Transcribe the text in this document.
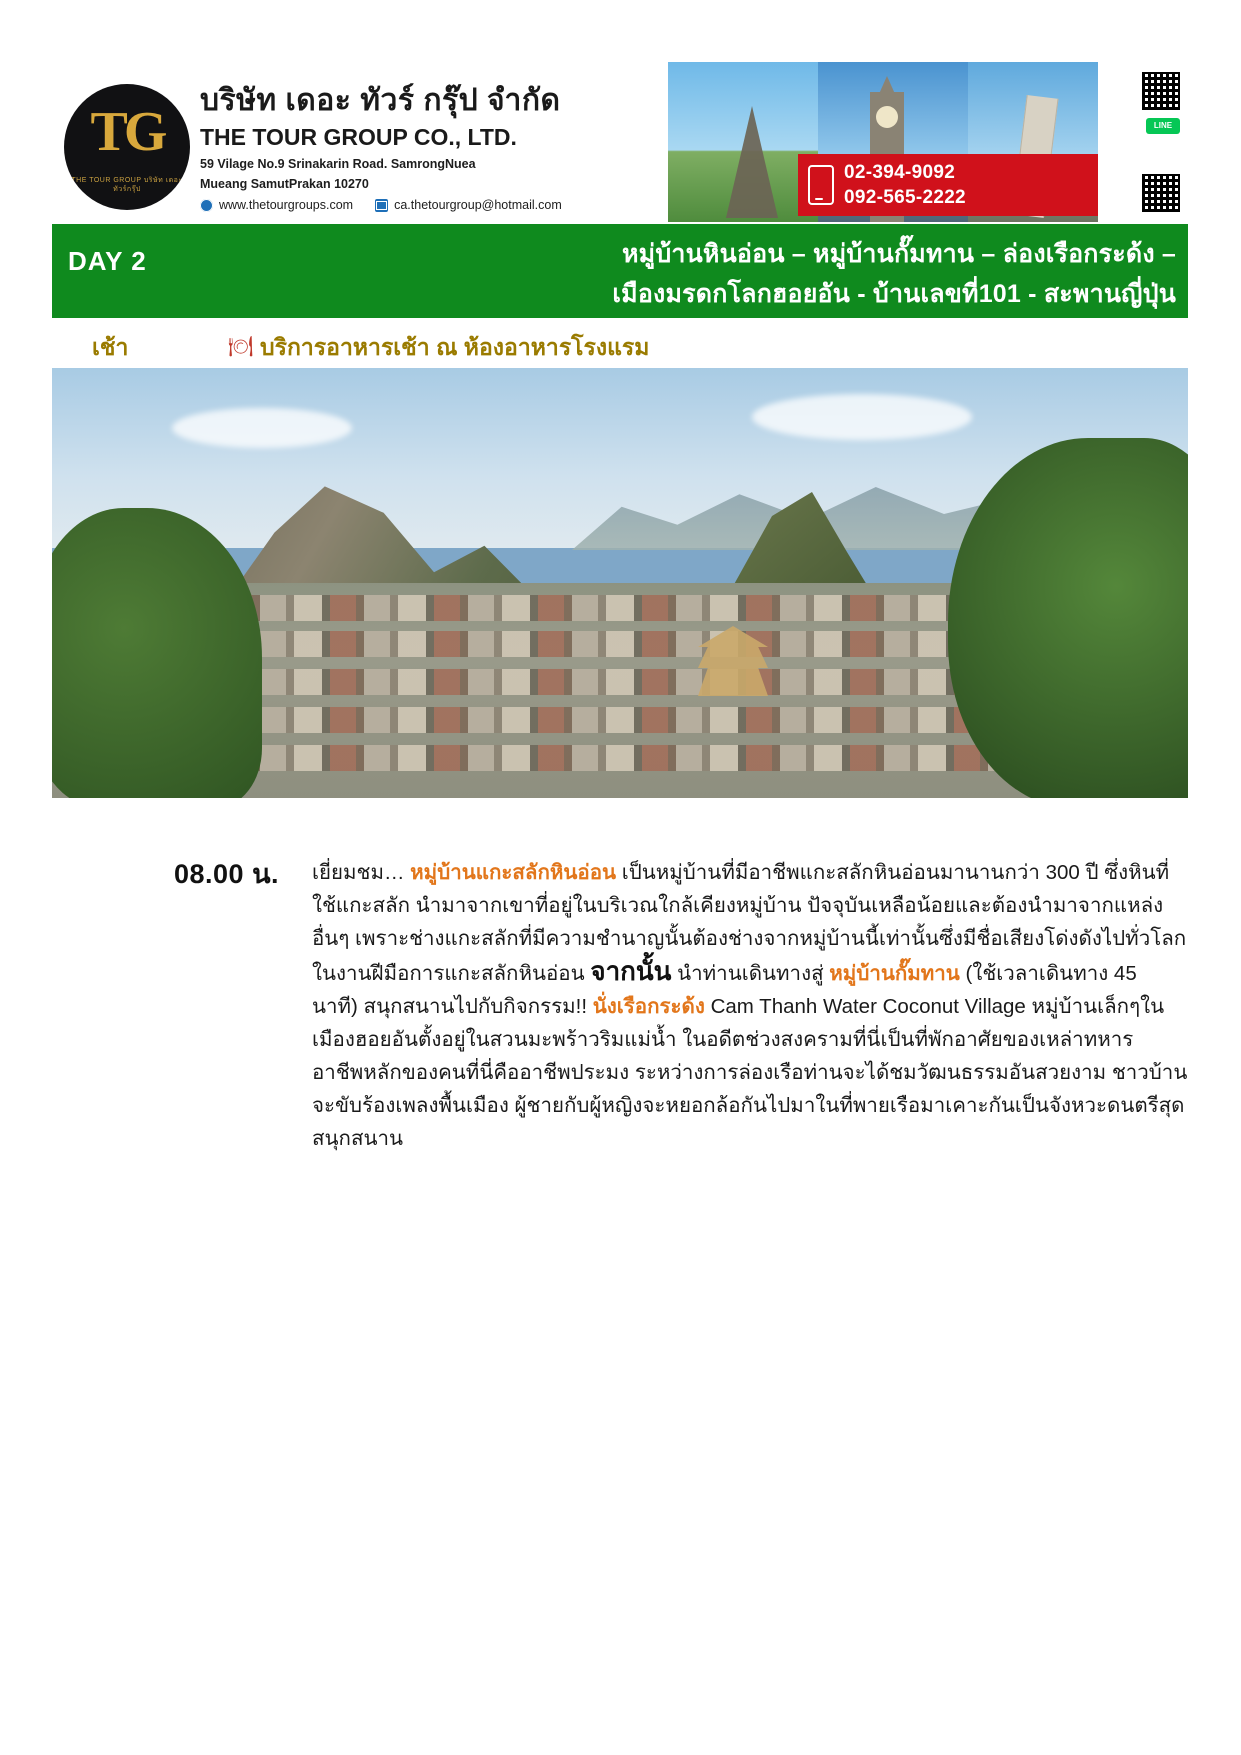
TG
THE TOUR GROUP บริษัท เดอะ ทัวร์กรุ๊ป
บริษัท เดอะ ทัวร์ กรุ๊ป จำกัด
THE TOUR GROUP CO., LTD.
59 Vilage No.9 Srinakarin Road. SamrongNuea
Mueang SamutPrakan 10270
www.thetourgroups.com	ca.thetourgroup@hotmail.com
LINE
02-394-9092
092-565-2222
DAY 2	หมู่บ้านหินอ่อน – หมู่บ้านกั๊มทาน – ล่องเรือกระด้ง –
เมืองมรดกโลกฮอยอัน - บ้านเลขที่101 - สะพานญี่ปุ่น
เช้า	🍽 บริการอาหารเช้า ณ ห้องอาหารโรงแรม
08.00 น. เยี่ยมชม… หมู่บ้านแกะสลักหินอ่อน เป็นหมู่บ้านที่มีอาชีพแกะสลักหินอ่อนมานานกว่า 300 ปี ซึ่งหินที่ใช้แกะสลัก นำมาจากเขาที่อยู่ในบริเวณใกล้เคียงหมู่บ้าน ปัจจุบันเหลือน้อยและต้องนำมาจากแหล่งอื่นๆ เพราะช่างแกะสลักที่มีความชำนาญนั้นต้องช่างจากหมู่บ้านนี้เท่านั้นซึ่งมีชื่อเสียงโด่งดังไปทั่วโลกในงานฝีมือการแกะสลักหินอ่อน จากนั้น นำท่านเดินทางสู่ หมู่บ้านกั๊มทาน (ใช้เวลาเดินทาง 45 นาที) สนุกสนานไปกับกิจกรรม!! นั่งเรือกระด้ง Cam Thanh Water Coconut Village หมู่บ้านเล็กๆในเมืองฮอยอันตั้งอยู่ในสวนมะพร้าวริมแม่น้ำ ในอดีตช่วงสงครามที่นี่เป็นที่พักอาศัยของเหล่าทหาร อาชีพหลักของคนที่นี่คืออาชีพประมง ระหว่างการล่องเรือท่านจะได้ชมวัฒนธรรมอันสวยงาม ชาวบ้านจะขับร้องเพลงพื้นเมือง ผู้ชายกับผู้หญิงจะหยอกล้อกันไปมาในที่พายเรือมาเคาะกันเป็นจังหวะดนตรีสุดสนุกสนาน
